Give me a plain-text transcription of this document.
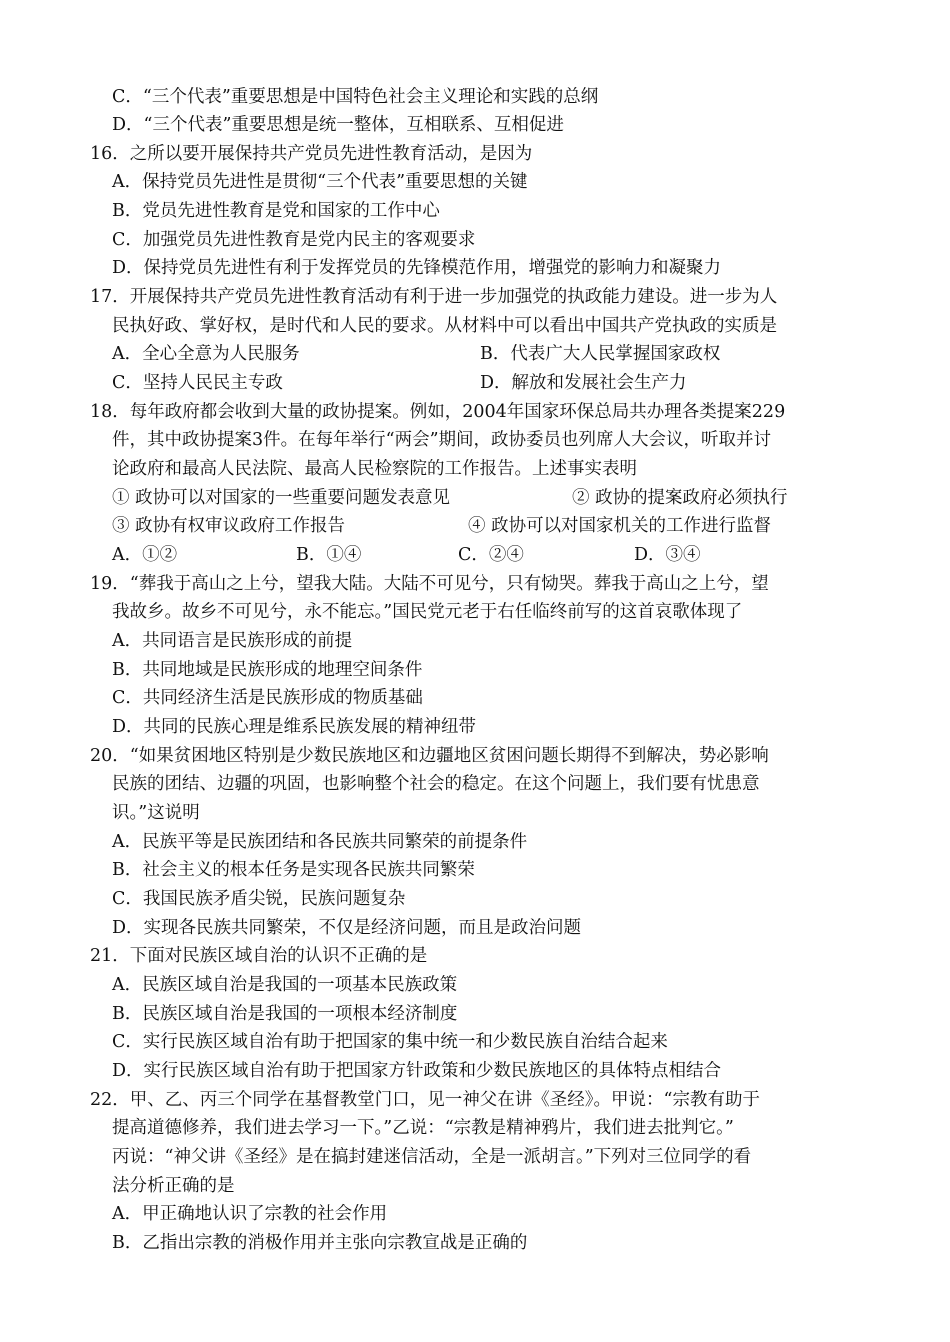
C．“三个代表”重要思想是中国特色社会主义理论和实践的总纲
D．“三个代表”重要思想是统一整体，互相联系、互相促进
16．之所以要开展保持共产党员先进性教育活动，是因为
A．保持党员先进性是贯彻“三个代表”重要思想的关键
B．党员先进性教育是党和国家的工作中心
C．加强党员先进性教育是党内民主的客观要求
D．保持党员先进性有利于发挥党员的先锋模范作用，增强党的影响力和凝聚力
17．开展保持共产党员先进性教育活动有利于进一步加强党的执政能力建设。进一步为人
民执好政、掌好权，是时代和人民的要求。从材料中可以看出中国共产党执政的实质是
A．全心全意为人民服务	B．代表广大人民掌握国家政权
C．坚持人民民主专政	D．解放和发展社会生产力
18．每年政府都会收到大量的政协提案。例如，2004年国家环保总局共办理各类提案229
件，其中政协提案3件。在每年举行“两会”期间，政协委员也列席人大会议，听取并讨
论政府和最高人民法院、最高人民检察院的工作报告。上述事实表明
① 政协可以对国家的一些重要问题发表意见	② 政协的提案政府必须执行
③ 政协有权审议政府工作报告	④ 政协可以对国家机关的工作进行监督
A．①②	B．①④	C．②④	D．③④
19．“葬我于高山之上兮，望我大陆。大陆不可见兮，只有恸哭。葬我于高山之上兮，望
我故乡。故乡不可见兮，永不能忘。”国民党元老于右任临终前写的这首哀歌体现了
A．共同语言是民族形成的前提
B．共同地域是民族形成的地理空间条件
C．共同经济生活是民族形成的物质基础
D．共同的民族心理是维系民族发展的精神纽带
20．“如果贫困地区特别是少数民族地区和边疆地区贫困问题长期得不到解决，势必影响
民族的团结、边疆的巩固，也影响整个社会的稳定。在这个问题上，我们要有忧患意
识。”这说明
A．民族平等是民族团结和各民族共同繁荣的前提条件
B．社会主义的根本任务是实现各民族共同繁荣
C．我国民族矛盾尖锐，民族问题复杂
D．实现各民族共同繁荣，不仅是经济问题，而且是政治问题
21．下面对民族区域自治的认识不正确的是
A．民族区域自治是我国的一项基本民族政策
B．民族区域自治是我国的一项根本经济制度
C．实行民族区域自治有助于把国家的集中统一和少数民族自治结合起来
D．实行民族区域自治有助于把国家方针政策和少数民族地区的具体特点相结合
22．甲、乙、丙三个同学在基督教堂门口，见一神父在讲《圣经》。甲说：“宗教有助于
提高道德修养，我们进去学习一下。”乙说：“宗教是精神鸦片，我们进去批判它。”
丙说：“神父讲《圣经》是在搞封建迷信活动，全是一派胡言。”下列对三位同学的看
法分析正确的是
A．甲正确地认识了宗教的社会作用
B．乙指出宗教的消极作用并主张向宗教宣战是正确的
